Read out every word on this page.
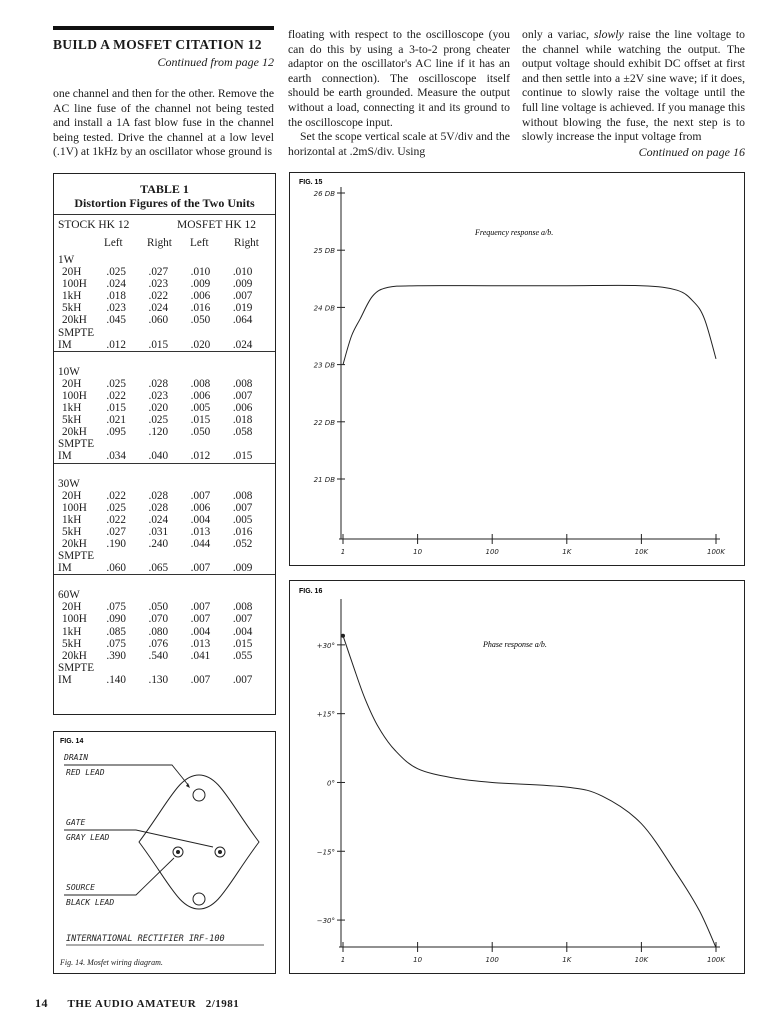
BUILD A MOSFET CITATION 12
Continued from page 12

one channel and then for the other. Remove the AC line fuse of the channel not being tested and install a 1A fast blow fuse in the channel being tested. Drive the channel at a low level (.1V) at 1kHz by an oscillator whose ground is

floating with respect to the oscilloscope (you can do this by using a 3-to-2 prong cheater adaptor on the oscillator's AC line if it has an earth connection). The oscilloscope itself should be earth grounded. Measure the output without a load, connecting it and its ground to the oscilloscope input.

Set the scope vertical scale at 5V/div and the horizontal at .2mS/div. Using

only a variac, slowly raise the line voltage to the channel while watching the output. The output voltage should exhibit DC offset at first and then settle into a ±2V sine wave; if it does, continue to slowly raise the voltage until the full line voltage is achieved. If you manage this without blowing the fuse, the next step is to slowly increase the input voltage from

Continued on page 16
TABLE 1
Distortion Figures of the Two Units
STOCK HK 12	MOSFET HK 12
Left Right Left Right
1W				
20H	.025	.027	.010	.010
100H	.024	.023	.009	.009
1kH	.018	.022	.006	.007
5kH	.023	.024	.016	.019
20kH	.045	.060	.050	.064
SMPTE				
IM	.012	.015	.020	.024

10W				
20H	.025	.028	.008	.008
100H	.022	.023	.006	.007
1kH	.015	.020	.005	.006
5kH	.021	.025	.015	.018
20kH	.095	.120	.050	.058
SMPTE				
IM	.034	.040	.012	.015

30W				
20H	.022	.028	.007	.008
100H	.025	.028	.006	.007
1kH	.022	.024	.004	.005
5kH	.027	.031	.013	.016
20kH	.190	.240	.044	.052
SMPTE				
IM	.060	.065	.007	.009

60W				
20H	.075	.050	.007	.008
100H	.090	.070	.007	.007
1kH	.085	.080	.004	.004
5kH	.075	.076	.013	.015
20kH	.390	.540	.041	.055
SMPTE				
IM	.140	.130	.007	.007
FIG. 14
DRAIN
RED LEAD
GATE
GRAY LEAD
SOURCE
BLACK LEAD
INTERNATIONAL RECTIFIER IRF-100
Fig. 14. Mosfet wiring diagram.
FIG. 15
Frequency response a/b.
1	10	100	1K	10K	100K
26 DB
25 DB
24 DB
23 DB
22 DB
21 DB
FIG. 16
Phase response a/b.
1	10	100	1K	10K	100K
+30°
+15°
0°
−15°
−30°
14 THE AUDIO AMATEUR 2/1981
